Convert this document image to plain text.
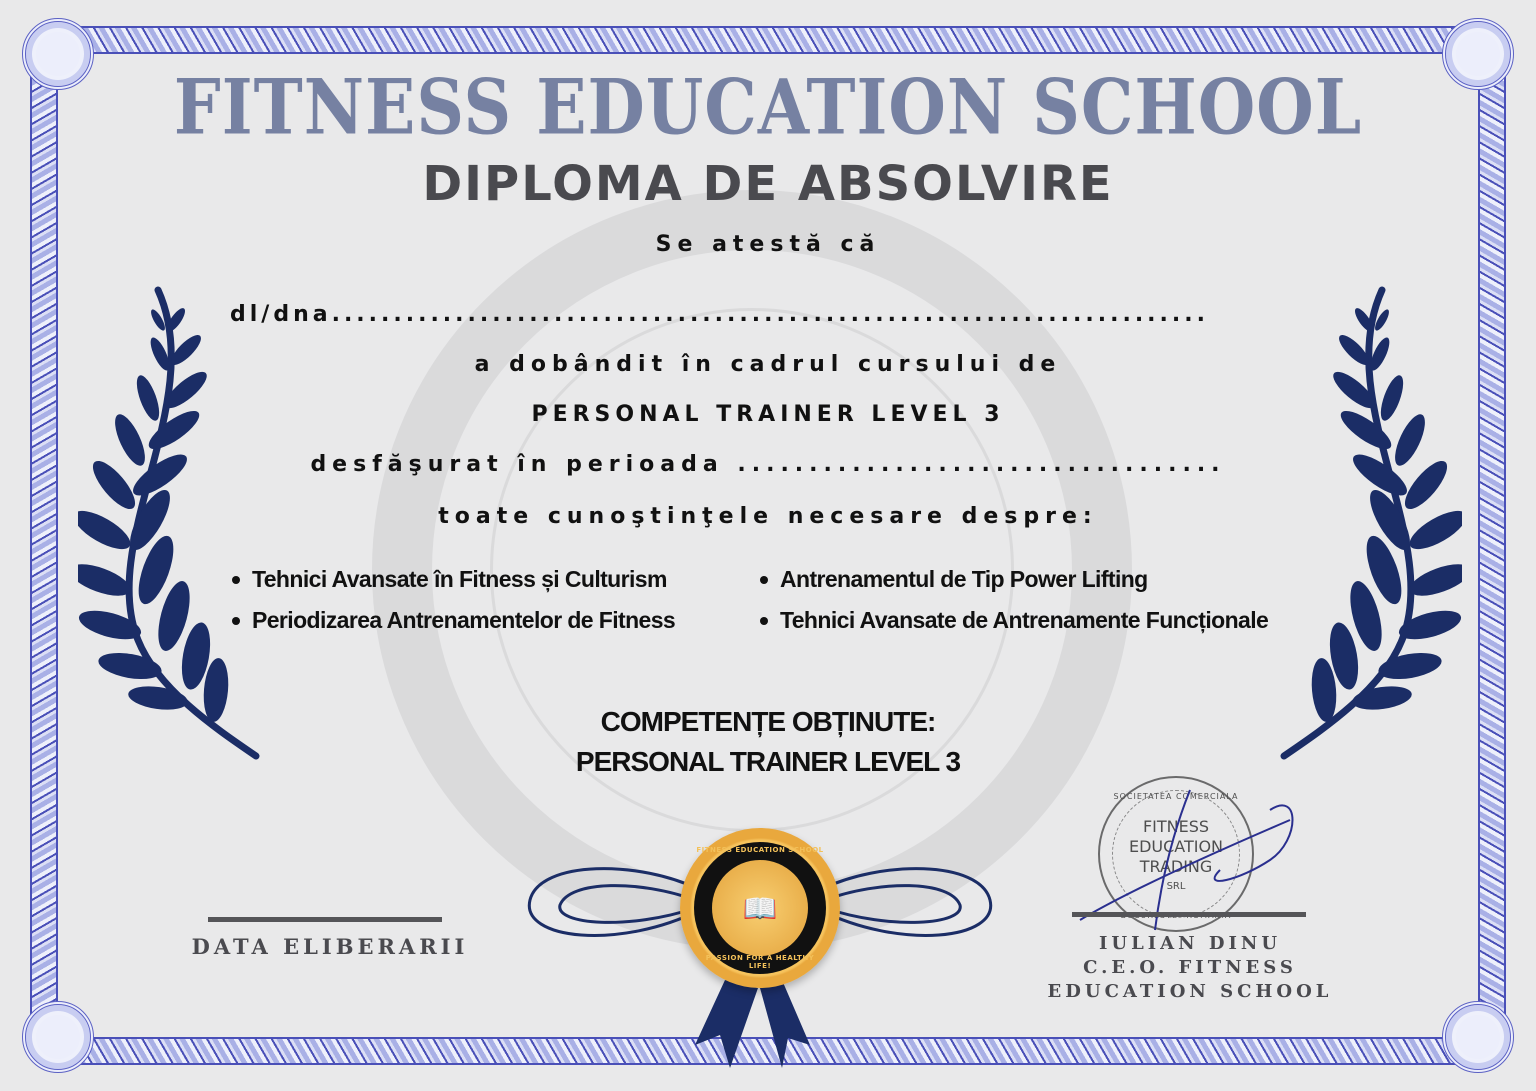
FITNESS EDUCATION SCHOOL
DIPLOMA DE ABSOLVIRE
Se atestă că
dl/dna.......................................................................
a dobândit în cadrul cursului de
PERSONAL TRAINER LEVEL 3
desfăşurat în perioada ..................................
toate cunoştinţele necesare despre:
Tehnici Avansate în Fitness și Culturism	Antrenamentul de Tip Power Lifting
Periodizarea Antrenamentelor de Fitness	Tehnici Avansate de Antrenamente Funcționale
COMPETENȚE OBȚINUTE:
PERSONAL TRAINER LEVEL 3
FITNESS EDUCATION SCHOOL
📖
PASSION FOR A HEALTHY LIFE!
DATA ELIBERARII
SOCIETATEA COMERCIALA
FITNESS
EDUCATION
TRADING
SRL
IULIAN DINU
C.E.O. FITNESS
EDUCATION SCHOOL
